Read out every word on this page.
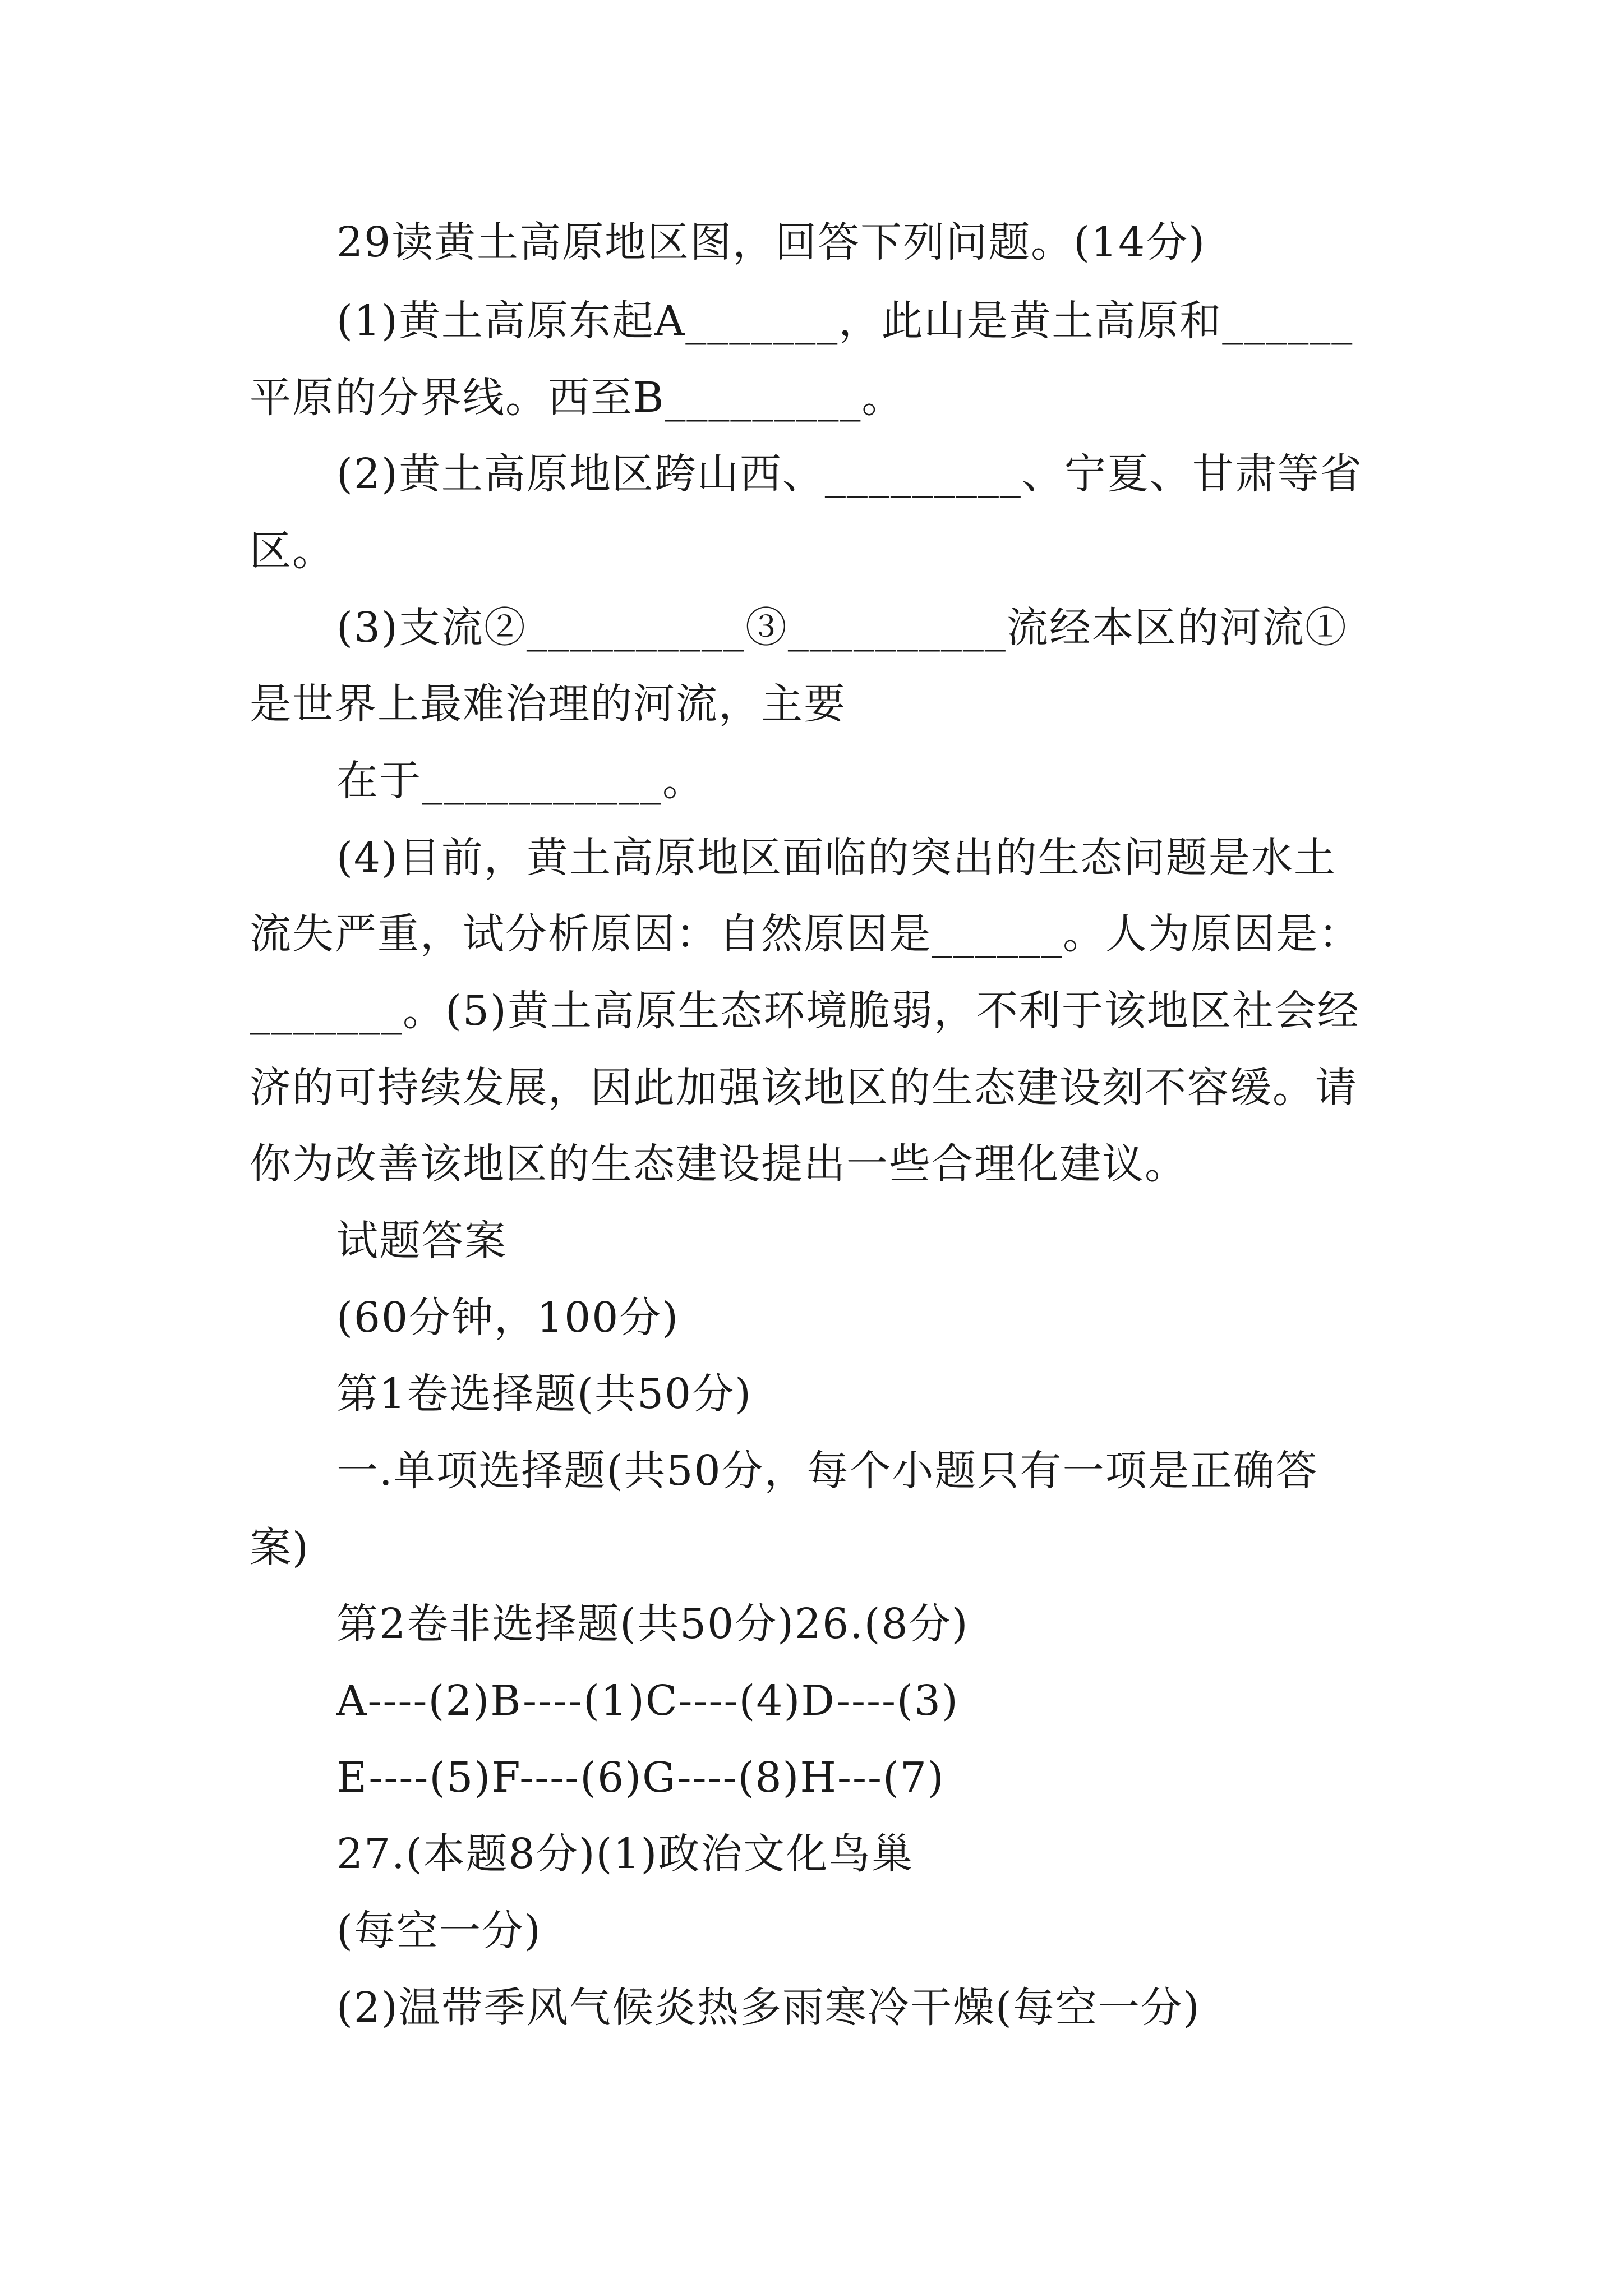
29读黄土高原地区图，回答下列问题。(14分)
(1)黄土高原东起A_______，此山是黄土高原和______
平原的分界线。西至B_________。
(2)黄土高原地区跨山西、_________、宁夏、甘肃等省
区。
(3)支流②__________③__________流经本区的河流①
是世界上最难治理的河流，主要
在于___________。
(4)目前，黄土高原地区面临的突出的生态问题是水土
流失严重，试分析原因：自然原因是______。人为原因是：
_______。(5)黄土高原生态环境脆弱，不利于该地区社会经
济的可持续发展，因此加强该地区的生态建设刻不容缓。请
你为改善该地区的生态建设提出一些合理化建议。
试题答案
(60分钟，100分)
第1卷选择题(共50分)
一.单项选择题(共50分，每个小题只有一项是正确答
案)
第2卷非选择题(共50分)26.(8分)
A----(2)B----(1)C----(4)D----(3)
E----(5)F----(6)G----(8)H---(7)
27.(本题8分)(1)政治文化鸟巢
(每空一分)
(2)温带季风气候炎热多雨寒冷干燥(每空一分)
